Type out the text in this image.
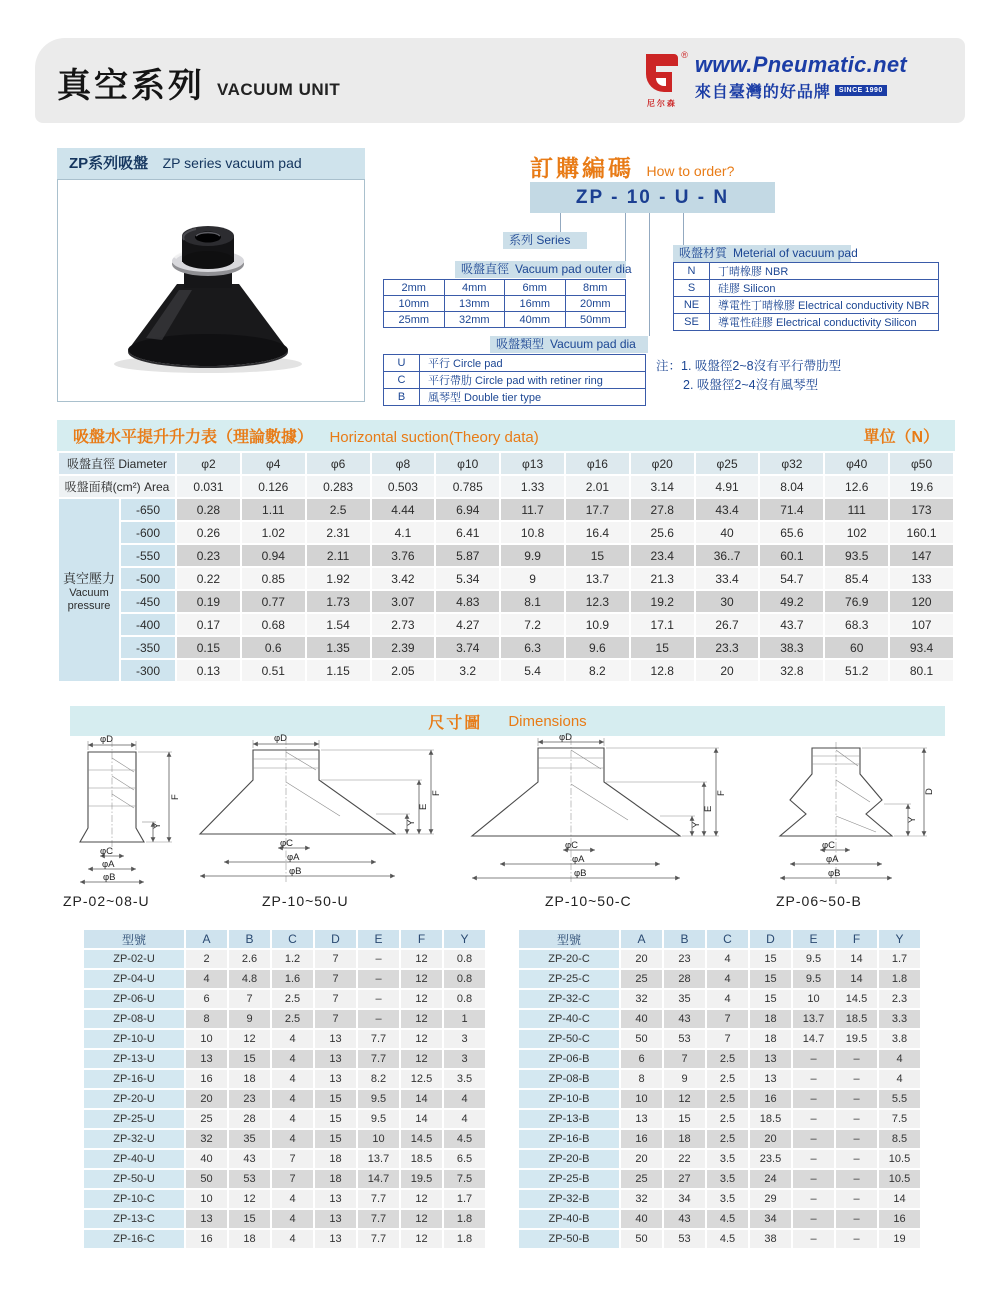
真空系列 VACUUM UNIT
®
尼尔森
www.Pneumatic.net
來自臺灣的好品牌	SINCE 1990
ZP系列吸盤 ZP series vacuum pad	訂購編碼 How to order?
ZP - 10 - U - N
系列 Series
吸盤直徑 Vacuum pad outer dia
2mm	4mm	6mm	8mm
10mm	13mm	16mm	20mm
25mm	32mm	40mm	50mm
吸盤類型 Vacuum pad dia
U	平行 Circle pad
C	平行帶肋 Circle pad with retiner ring
B	風琴型 Double tier type
吸盤材質 Meterial of vacuum pad
N	丁晴橡膠 NBR
S	硅膠 Silicon
NE	導電性丁晴橡膠 Electrical conductivity NBR
SE	導電性硅膠 Electrical conductivity Silicon
注：1. 吸盤徑2~8沒有平行帶肋型
2. 吸盤徑2~4沒有風琴型
吸盤水平提升升力表（理論數據） Horizontal suction(Theory data)	單位（N）
吸盤直徑 Diameter		φ2	φ4	φ6	φ8	φ10	φ13	φ16	φ20	φ25	φ32	φ40	φ50
吸盤面積(cm²) Area		0.031	0.126	0.283	0.503	0.785	1.33	2.01	3.14	4.91	8.04	12.6	19.6

真空壓力
Vacuum pressure	-650	0.28	1.11	2.5	4.44	6.94	11.7	17.7	27.8	43.4	71.4	111	173
	-600	0.26	1.02	2.31	4.1	6.41	10.8	16.4	25.6	40	65.6	102	160.1
	-550	0.23	0.94	2.11	3.76	5.87	9.9	15	23.4	36..7	60.1	93.5	147
	-500	0.22	0.85	1.92	3.42	5.34	9	13.7	21.3	33.4	54.7	85.4	133
	-450	0.19	0.77	1.73	3.07	4.83	8.1	12.3	19.2	30	49.2	76.9	120
	-400	0.17	0.68	1.54	2.73	4.27	7.2	10.9	17.1	26.7	43.7	68.3	107
	-350	0.15	0.6	1.35	2.39	3.74	6.3	9.6	15	23.3	38.3	60	93.4
	-300	0.13	0.51	1.15	2.05	3.2	5.4	8.2	12.8	20	32.8	51.2	80.1
尺寸圖 Dimensions
φD
F
Y
φC
φA
φB
φD
F
E
Y
φC
φA
φB
φD
F
E
Y
φC
φA
φB
D
Y
φC
φA
φB
ZP-02~08-U	ZP-10~50-U	ZP-10~50-C	ZP-06~50-B
型號	A	B	C	D	E	F	Y
ZP-02-U	2	2.6	1.2	7	–	12	0.8
ZP-04-U	4	4.8	1.6	7	–	12	0.8
ZP-06-U	6	7	2.5	7	–	12	0.8
ZP-08-U	8	9	2.5	7	–	12	1
ZP-10-U	10	12	4	13	7.7	12	3
ZP-13-U	13	15	4	13	7.7	12	3
ZP-16-U	16	18	4	13	8.2	12.5	3.5
ZP-20-U	20	23	4	15	9.5	14	4
ZP-25-U	25	28	4	15	9.5	14	4
ZP-32-U	32	35	4	15	10	14.5	4.5
ZP-40-U	40	43	7	18	13.7	18.5	6.5
ZP-50-U	50	53	7	18	14.7	19.5	7.5
ZP-10-C	10	12	4	13	7.7	12	1.7
ZP-13-C	13	15	4	13	7.7	12	1.8
ZP-16-C	16	18	4	13	7.7	12	1.8
型號	A	B	C	D	E	F	Y
ZP-20-C	20	23	4	15	9.5	14	1.7
ZP-25-C	25	28	4	15	9.5	14	1.8
ZP-32-C	32	35	4	15	10	14.5	2.3
ZP-40-C	40	43	7	18	13.7	18.5	3.3
ZP-50-C	50	53	7	18	14.7	19.5	3.8
ZP-06-B	6	7	2.5	13	–	–	4
ZP-08-B	8	9	2.5	13	–	–	4
ZP-10-B	10	12	2.5	16	–	–	5.5
ZP-13-B	13	15	2.5	18.5	–	–	7.5
ZP-16-B	16	18	2.5	20	–	–	8.5
ZP-20-B	20	22	3.5	23.5	–	–	10.5
ZP-25-B	25	27	3.5	24	–	–	10.5
ZP-32-B	32	34	3.5	29	–	–	14
ZP-40-B	40	43	4.5	34	–	–	16
ZP-50-B	50	53	4.5	38	–	–	19
